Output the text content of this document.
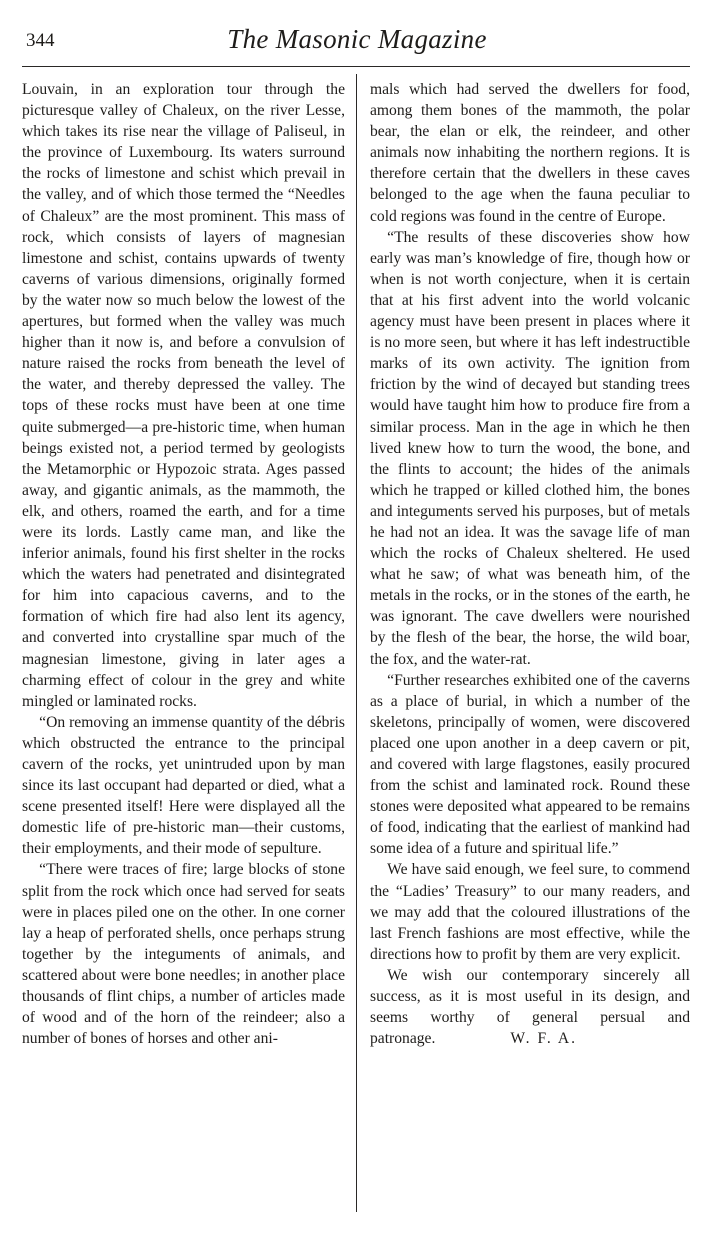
344	The Masonic Magazine

Louvain, in an exploration tour through the picturesque valley of Chaleux, on the river Lesse, which takes its rise near the village of Paliseul, in the province of Luxembourg. Its waters surround the rocks of limestone and schist which prevail in the valley, and of which those termed the “Needles of Chaleux” are the most prominent. This mass of rock, which consists of layers of magnesian limestone and schist, contains upwards of twenty caverns of various dimensions, originally formed by the water now so much below the lowest of the apertures, but formed when the valley was much higher than it now is, and before a convulsion of nature raised the rocks from beneath the level of the water, and thereby depressed the valley. The tops of these rocks must have been at one time quite submerged—a pre-historic time, when human beings existed not, a period termed by geologists the Metamorphic or Hypozoic strata. Ages passed away, and gigantic animals, as the mammoth, the elk, and others, roamed the earth, and for a time were its lords. Lastly came man, and like the inferior animals, found his first shelter in the rocks which the waters had penetrated and disintegrated for him into capacious caverns, and to the formation of which fire had also lent its agency, and converted into crystalline spar much of the magnesian limestone, giving in later ages a charming effect of colour in the grey and white mingled or laminated rocks.

“On removing an immense quantity of the débris which obstructed the entrance to the principal cavern of the rocks, yet unintruded upon by man since its last occupant had departed or died, what a scene presented itself! Here were displayed all the domestic life of pre-historic man—their customs, their employments, and their mode of sepulture.

“There were traces of fire; large blocks of stone split from the rock which once had served for seats were in places piled one on the other. In one corner lay a heap of perforated shells, once perhaps strung together by the integuments of animals, and scattered about were bone needles; in another place thousands of flint chips, a number of articles made of wood and of the horn of the reindeer; also a number of bones of horses and other ani-

mals which had served the dwellers for food, among them bones of the mammoth, the polar bear, the elan or elk, the reindeer, and other animals now inhabiting the northern regions. It is therefore certain that the dwellers in these caves belonged to the age when the fauna peculiar to cold regions was found in the centre of Europe.

“The results of these discoveries show how early was man’s knowledge of fire, though how or when is not worth conjecture, when it is certain that at his first advent into the world volcanic agency must have been present in places where it is no more seen, but where it has left indestructible marks of its own activity. The ignition from friction by the wind of decayed but standing trees would have taught him how to produce fire from a similar process. Man in the age in which he then lived knew how to turn the wood, the bone, and the flints to account; the hides of the animals which he trapped or killed clothed him, the bones and integuments served his purposes, but of metals he had not an idea. It was the savage life of man which the rocks of Chaleux sheltered. He used what he saw; of what was beneath him, of the metals in the rocks, or in the stones of the earth, he was ignorant. The cave dwellers were nourished by the flesh of the bear, the horse, the wild boar, the fox, and the water-rat.

“Further researches exhibited one of the caverns as a place of burial, in which a number of the skeletons, principally of women, were discovered placed one upon another in a deep cavern or pit, and covered with large flagstones, easily procured from the schist and laminated rock. Round these stones were deposited what appeared to be remains of food, indicating that the earliest of mankind had some idea of a future and spiritual life.”

We have said enough, we feel sure, to commend the “Ladies’ Treasury” to our many readers, and we may add that the coloured illustrations of the last French fashions are most effective, while the directions how to profit by them are very explicit.

We wish our contemporary sincerely all success, as it is most useful in its design, and seems worthy of general persual and patronage.	W. F. A.
